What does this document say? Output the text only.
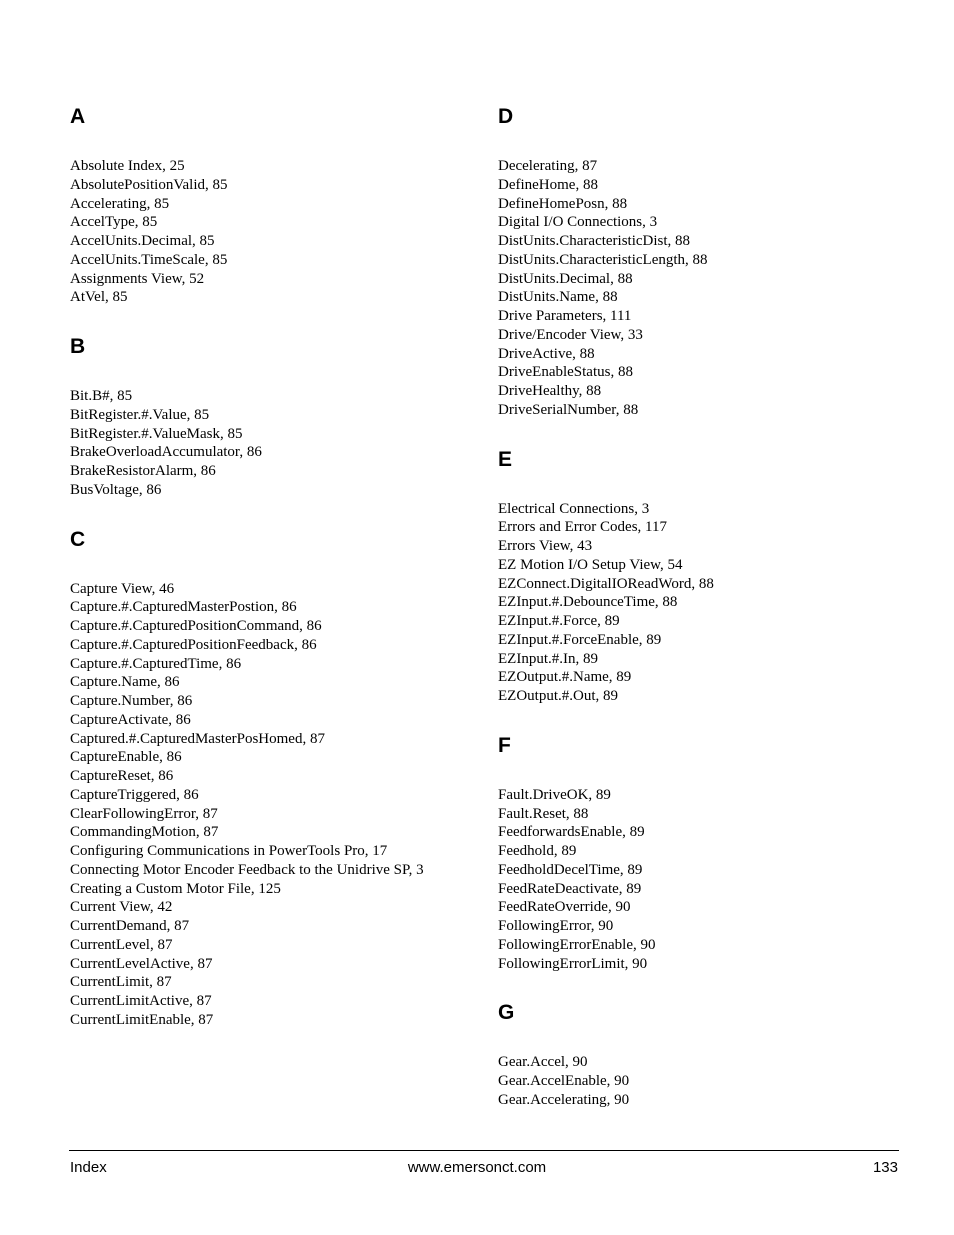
A
Absolute Index, 25
AbsolutePositionValid, 85
Accelerating, 85
AccelType, 85
AccelUnits.Decimal, 85
AccelUnits.TimeScale, 85
Assignments View, 52
AtVel, 85
B
Bit.B#, 85
BitRegister.#.Value, 85
BitRegister.#.ValueMask, 85
BrakeOverloadAccumulator, 86
BrakeResistorAlarm, 86
BusVoltage, 86
C
Capture View, 46
Capture.#.CapturedMasterPostion, 86
Capture.#.CapturedPositionCommand, 86
Capture.#.CapturedPositionFeedback, 86
Capture.#.CapturedTime, 86
Capture.Name, 86
Capture.Number, 86
CaptureActivate, 86
Captured.#.CapturedMasterPosHomed, 87
CaptureEnable, 86
CaptureReset, 86
CaptureTriggered, 86
ClearFollowingError, 87
CommandingMotion, 87
Configuring Communications in PowerTools Pro, 17
Connecting Motor Encoder Feedback to the Unidrive SP, 3
Creating a Custom Motor File, 125
Current View, 42
CurrentDemand, 87
CurrentLevel, 87
CurrentLevelActive, 87
CurrentLimit, 87
CurrentLimitActive, 87
CurrentLimitEnable, 87
D
Decelerating, 87
DefineHome, 88
DefineHomePosn, 88
Digital I/O Connections, 3
DistUnits.CharacteristicDist, 88
DistUnits.CharacteristicLength, 88
DistUnits.Decimal, 88
DistUnits.Name, 88
Drive Parameters, 111
Drive/Encoder View, 33
DriveActive, 88
DriveEnableStatus, 88
DriveHealthy, 88
DriveSerialNumber, 88
E
Electrical Connections, 3
Errors and Error Codes, 117
Errors View, 43
EZ Motion I/O Setup View, 54
EZConnect.DigitalIOReadWord, 88
EZInput.#.DebounceTime, 88
EZInput.#.Force, 89
EZInput.#.ForceEnable, 89
EZInput.#.In, 89
EZOutput.#.Name, 89
EZOutput.#.Out, 89
F
Fault.DriveOK, 89
Fault.Reset, 88
FeedforwardsEnable, 89
Feedhold, 89
FeedholdDecelTime, 89
FeedRateDeactivate, 89
FeedRateOverride, 90
FollowingError, 90
FollowingErrorEnable, 90
FollowingErrorLimit, 90
G
Gear.Accel, 90
Gear.AccelEnable, 90
Gear.Accelerating, 90
Index	www.emersonct.com	133
